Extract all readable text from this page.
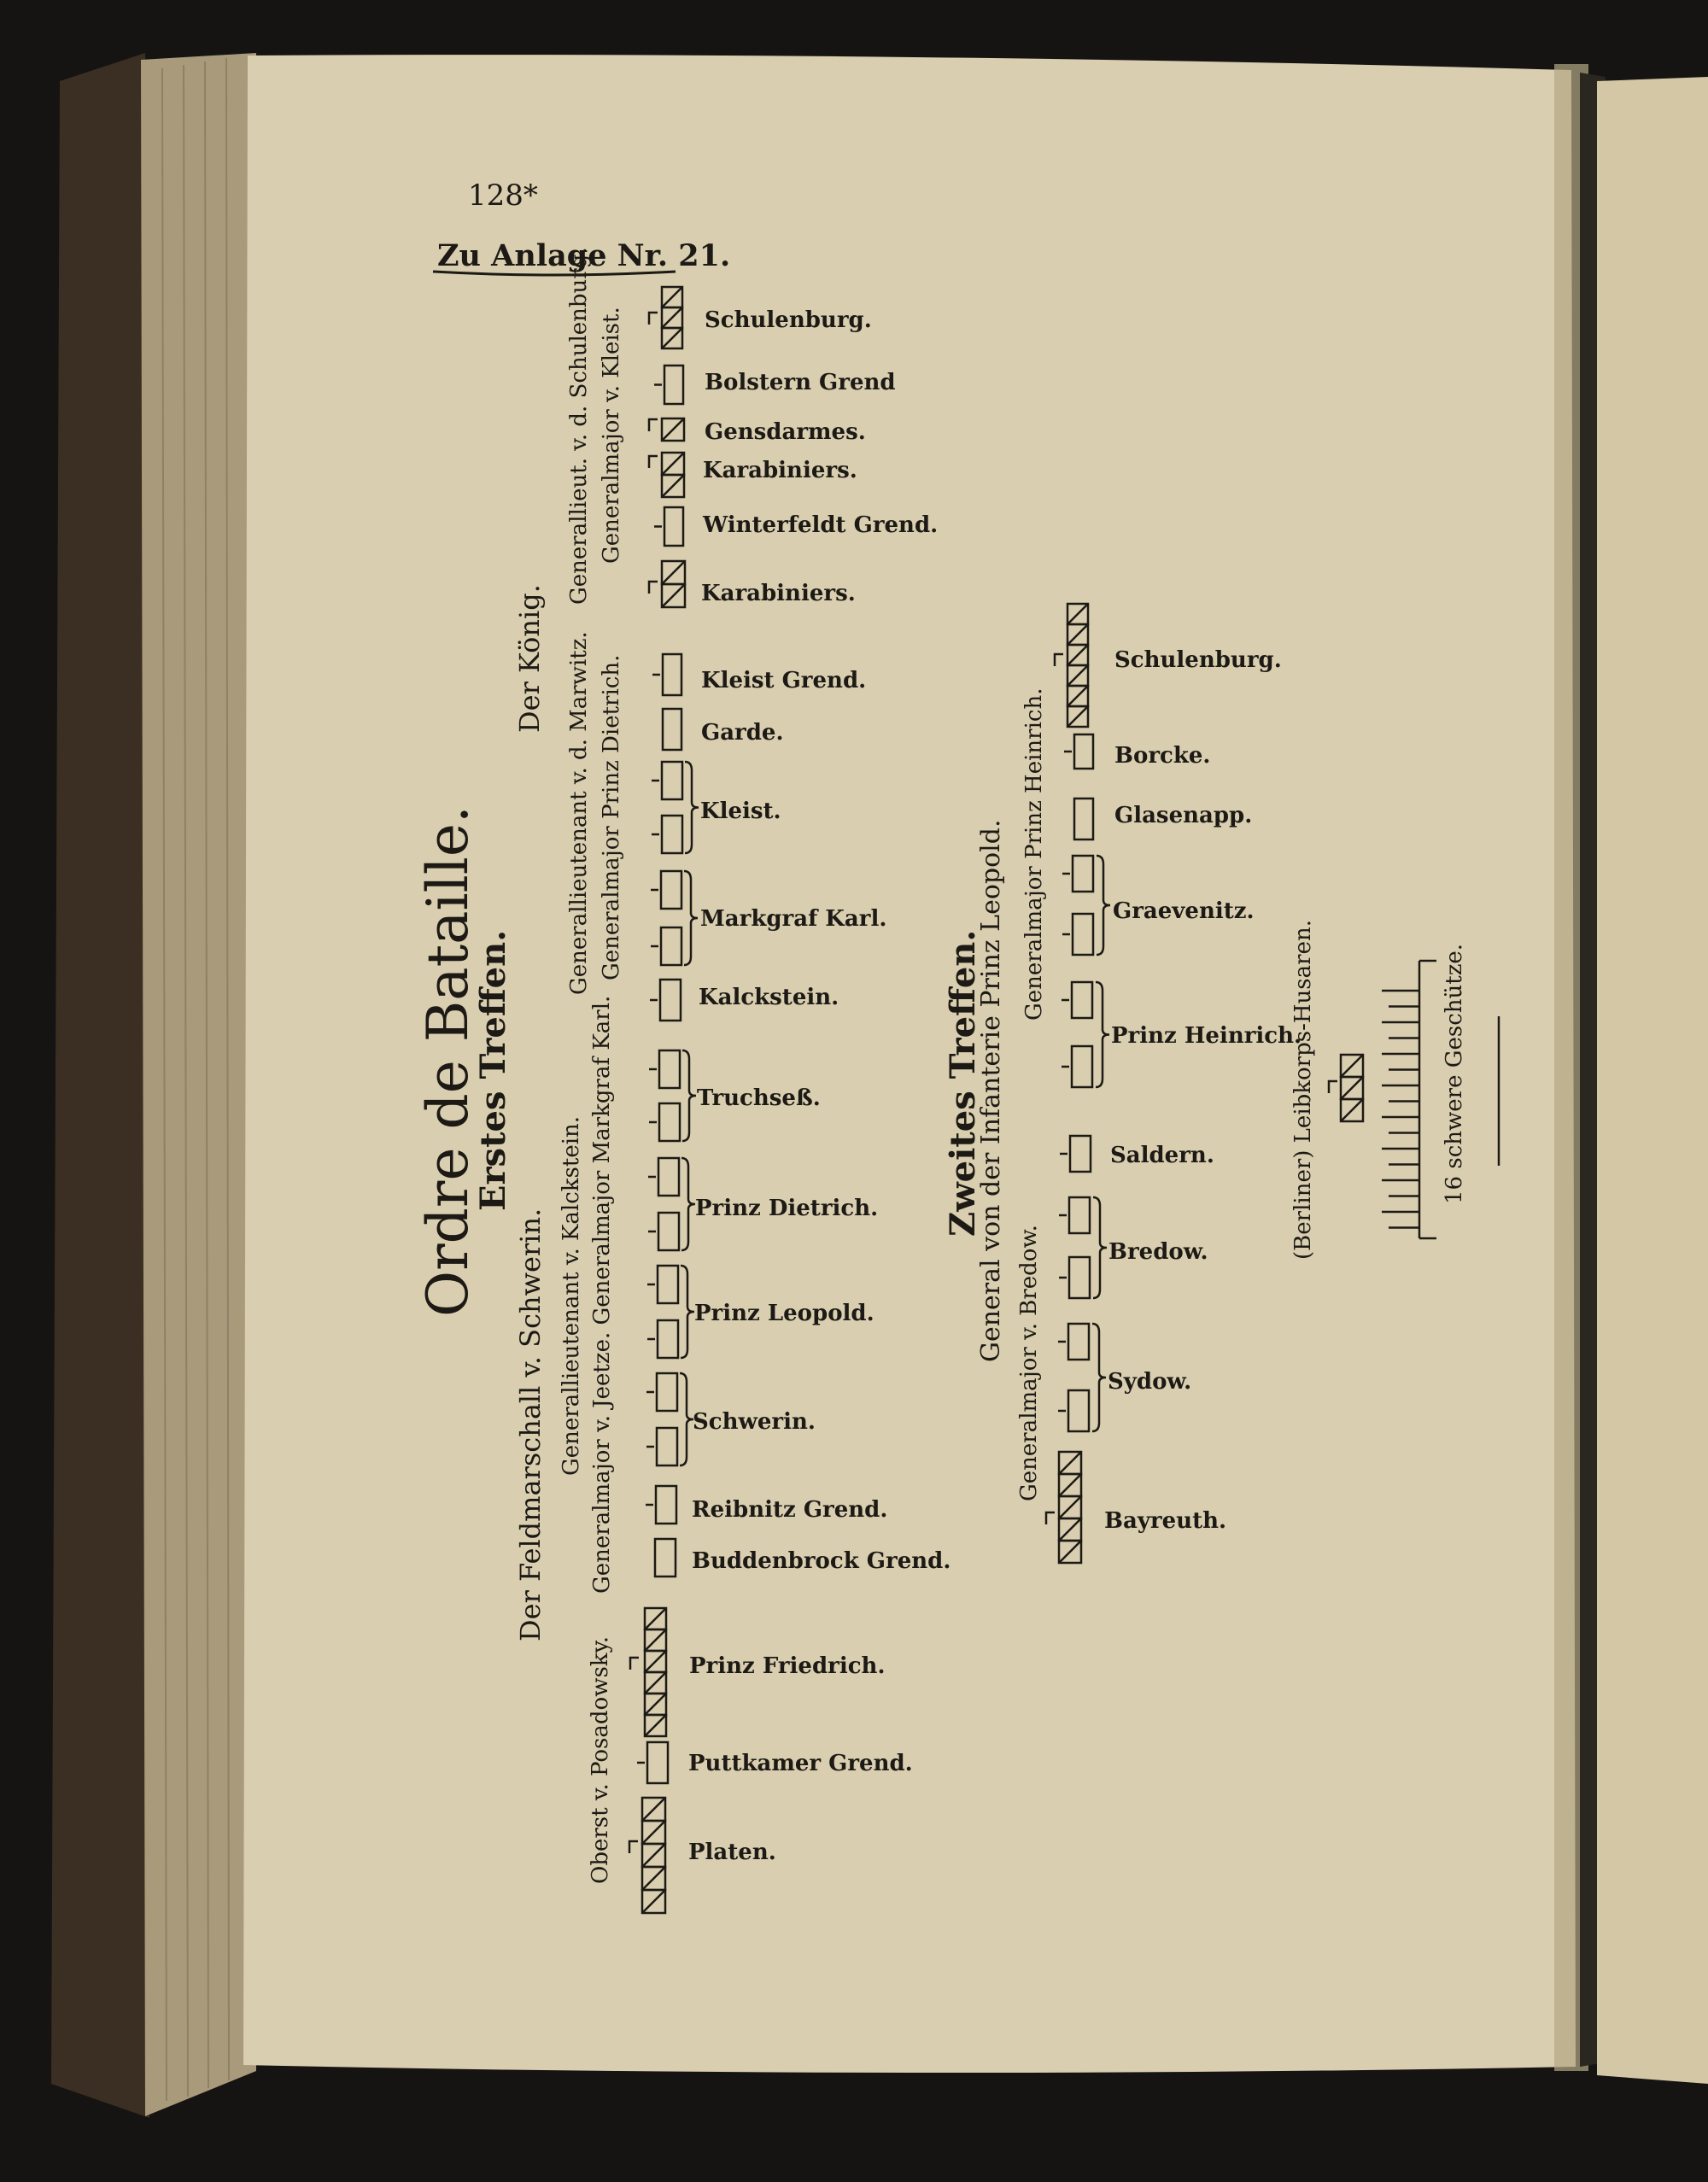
128*
Zu Anlage Nr. 21.
Ordre de Bataille.
Erstes Treffen.	Zweites Treffen.
Generallieut. v. d. Schulenburg. Generalmajor v. Kleist.
Der König. Generallieutenant v. d. Marwitz. Generalmajor Prinz Dietrich.
Der Feldmarschall v. Schwerin. Generallieutenant v. Kalckstein. Generalmajor v. Jeetze. Generalmajor Markgraf Karl.
Oberst v. Posadowsky.
Schulenburg.
Bolstern Grend
Gensdarmes.
Karabiniers.
Winterfeldt Grend.
Karabiniers.
Kleist Grend.
Garde.
Kleist.
Markgraf Karl.
Kalckstein.
Truchseß.
Prinz Dietrich.
Prinz Leopold.
Schwerin.
Reibnitz Grend.
Buddenbrock Grend.
Prinz Friedrich.
Puttkamer Grend.
Platen.
General von der Infanterie Prinz Leopold. Generalmajor Prinz Heinrich.
Generalmajor v. Bredow.
Schulenburg.
Borcke.
Glasenapp.
Graevenitz.
Prinz Heinrich.
Saldern.
Bredow.
Sydow.
Bayreuth.
(Berliner) Leibkorps-Husaren.	16 schwere Geschütze.
